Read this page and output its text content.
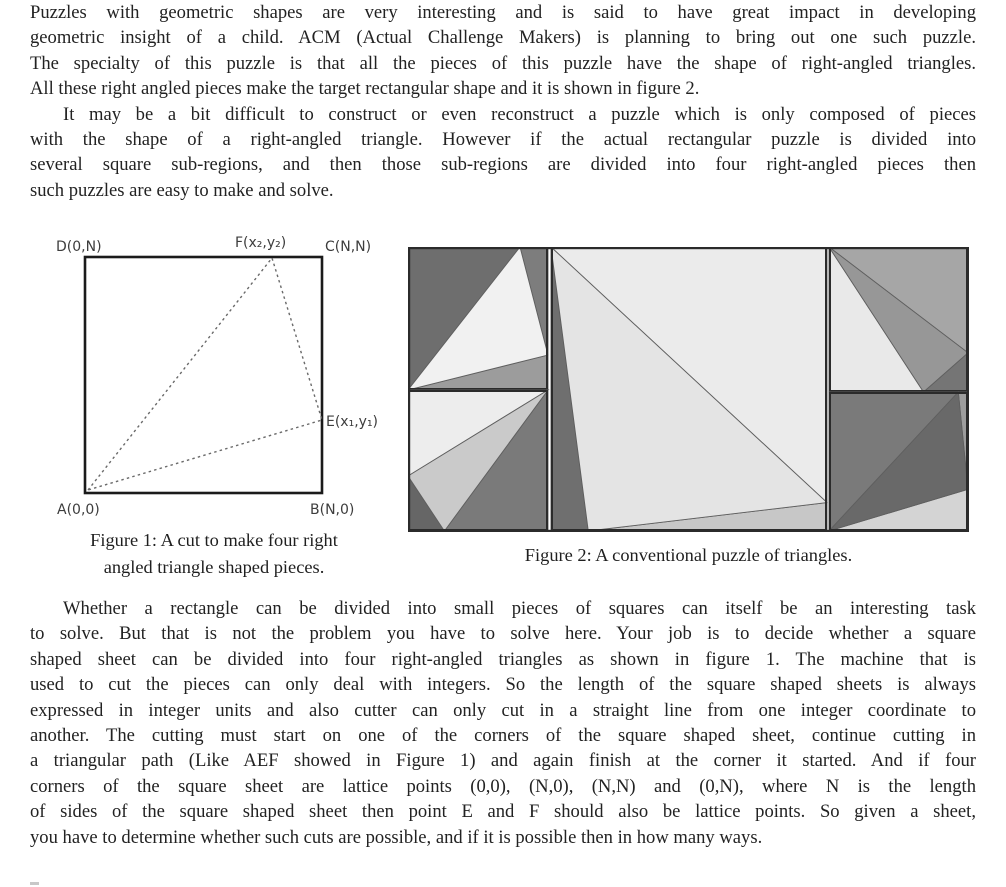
Puzzles with geometric shapes are very interesting and is said to have great impact in developing
geometric insight of a child. ACM (Actual Challenge Makers) is planning to bring out one such puzzle.
The specialty of this puzzle is that all the pieces of this puzzle have the shape of right-angled triangles.
All these right angled pieces make the target rectangular shape and it is shown in figure 2.
It may be a bit difficult to construct or even reconstruct a puzzle which is only composed of pieces
with the shape of a right-angled triangle. However if the actual rectangular puzzle is divided into
several square sub-regions, and then those sub-regions are divided into four right-angled pieces then
such puzzles are easy to make and solve.
D(0,N)	F(x₂,y₂)	C(N,N)
E(x₁,y₁)
A(0,0)	B(N,0)
Figure 1: A cut to make four right
angled triangle shaped pieces.
Figure 2: A conventional puzzle of triangles.
Whether a rectangle can be divided into small pieces of squares can itself be an interesting task
to solve. But that is not the problem you have to solve here. Your job is to decide whether a square
shaped sheet can be divided into four right-angled triangles as shown in figure 1. The machine that is
used to cut the pieces can only deal with integers. So the length of the square shaped sheets is always
expressed in integer units and also cutter can only cut in a straight line from one integer coordinate to
another. The cutting must start on one of the corners of the square shaped sheet, continue cutting in
a triangular path (Like AEF showed in Figure 1) and again finish at the corner it started. And if four
corners of the square sheet are lattice points (0,0), (N,0), (N,N) and (0,N), where N is the length
of sides of the square shaped sheet then point E and F should also be lattice points. So given a sheet,
you have to determine whether such cuts are possible, and if it is possible then in how many ways.
